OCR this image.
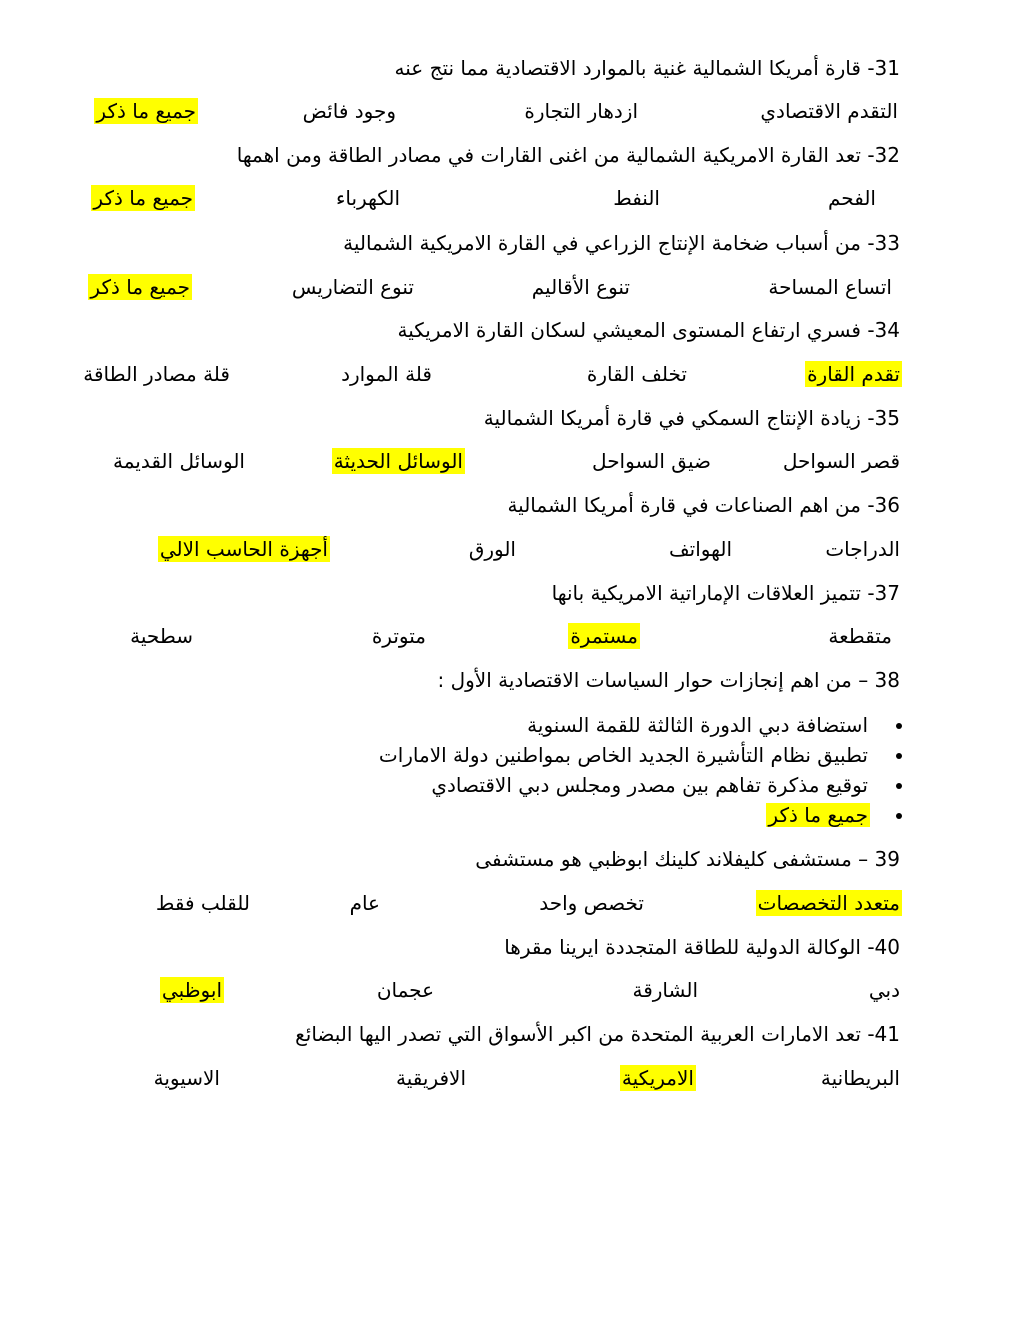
31- قارة أمريكا الشمالية غنية بالموارد الاقتصادية مما نتج عنه
التقدم الاقتصادي
ازدهار التجارة
وجود فائض
جميع ما ذكر
32- تعد القارة الامريكية الشمالية من اغنى القارات في مصادر الطاقة ومن اهمها
الفحم
النفط
الكهرباء
جميع ما ذكر
33- من أسباب ضخامة الإنتاج الزراعي في القارة الامريكية الشمالية
اتساع المساحة
تنوع الأقاليم
تنوع التضاريس
جميع ما ذكر
34- فسري ارتفاع المستوى المعيشي لسكان القارة الامريكية
تقدم القارة
تخلف القارة
قلة الموارد
قلة مصادر الطاقة
35- زيادة الإنتاج السمكي في قارة أمريكا الشمالية
قصر السواحل
ضيق السواحل
الوسائل الحديثة
الوسائل القديمة
36- من اهم الصناعات في قارة أمريكا الشمالية
الدراجات
الهواتف
الورق
أجهزة الحاسب الالي
37- تتميز العلاقات الإماراتية الامريكية بانها
متقطعة
مستمرة
متوترة
سطحية
38 – من اهم إنجازات حوار السياسات الاقتصادية الأول :
استضافة دبي الدورة الثالثة للقمة السنوية
تطبيق نظام التأشيرة الجديد الخاص بمواطنين دولة الامارات
توقيع مذكرة تفاهم بين مصدر ومجلس دبي الاقتصادي
جميع ما ذكر
39 – مستشفى كليفلاند كلينك ابوظبي هو مستشفى
متعدد التخصصات
تخصص واحد
عام
للقلب فقط
40- الوكالة الدولية للطاقة المتجددة ايرينا مقرها
دبي
الشارقة
عجمان
ابوظبي
41- تعد الامارات العربية المتحدة من اكبر الأسواق التي تصدر اليها البضائع
البريطانية
الامريكية
الافريقية
الاسيوية
